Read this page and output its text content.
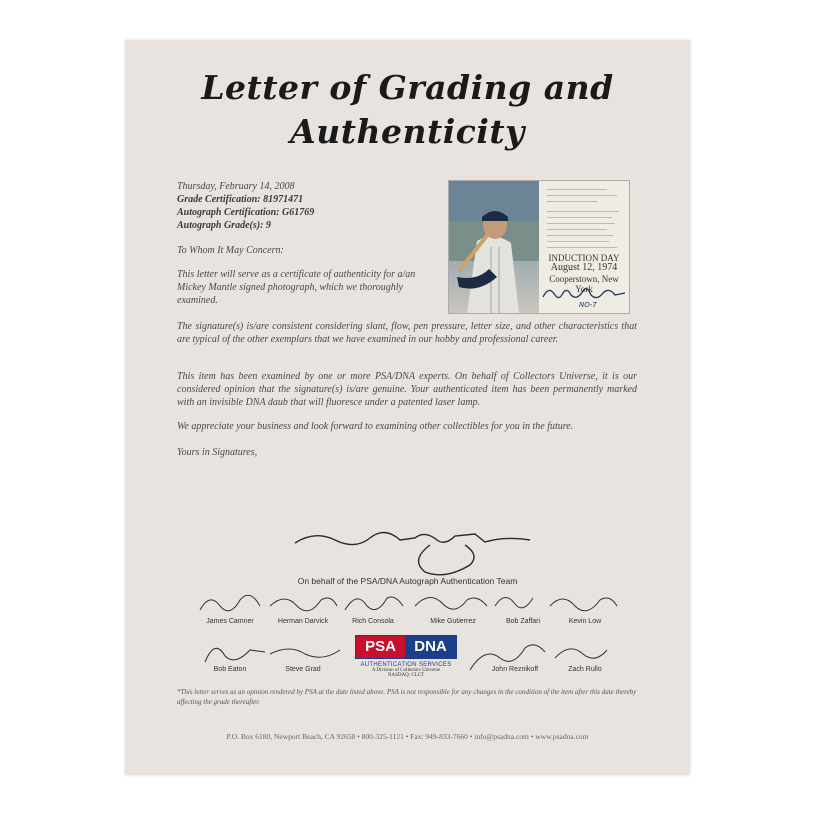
Letter of Grading and
Authenticity
Thursday, February 14, 2008
Grade Certification: 81971471
Autograph Certification: G61769
Autograph Grade(s): 9
To Whom It May Concern:
This letter will serve as a certificate of authenticity for a/an Mickey Mantle signed photograph, which we thoroughly examined.
The signature(s) is/are consistent considering slant, flow, pen pressure, letter size, and other characteristics that are typical of the other exemplars that we have examined in our hobby and professional career.
This item has been examined by one or more PSA/DNA experts. On behalf of Collectors Universe, it is our considered opinion that the signature(s) is/are genuine. Your authenticated item has been permanently marked with an invisible DNA daub that will fluoresce under a patented laser lamp.
We appreciate your business and look forward to examining other collectibles for you in the future.
Yours in Signatures,
INDUCTION DAY
August 12, 1974
Cooperstown, New York
NO-7
On behalf of the PSA/DNA Autograph Authentication Team
James Camner	Herman Darvick	Rich Consola	Mike Gutierrez	Bob Zaffari	Kevin Low
Bob Eaton	Steve Grad	John Reznikoff	Zach Rullo
PSA	DNA
AUTHENTICATION SERVICES
A Division of Collectors Universe
NASDAQ: CLCT
*This letter serves as an opinion rendered by PSA at the date listed above. PSA is not responsible for any changes in the condition of the item after this date thereby affecting the grade thereafter.
P.O. Box 6180, Newport Beach, CA 92658 • 800-325-1121 • Fax: 949-833-7660 • info@psadna.com • www.psadna.com
